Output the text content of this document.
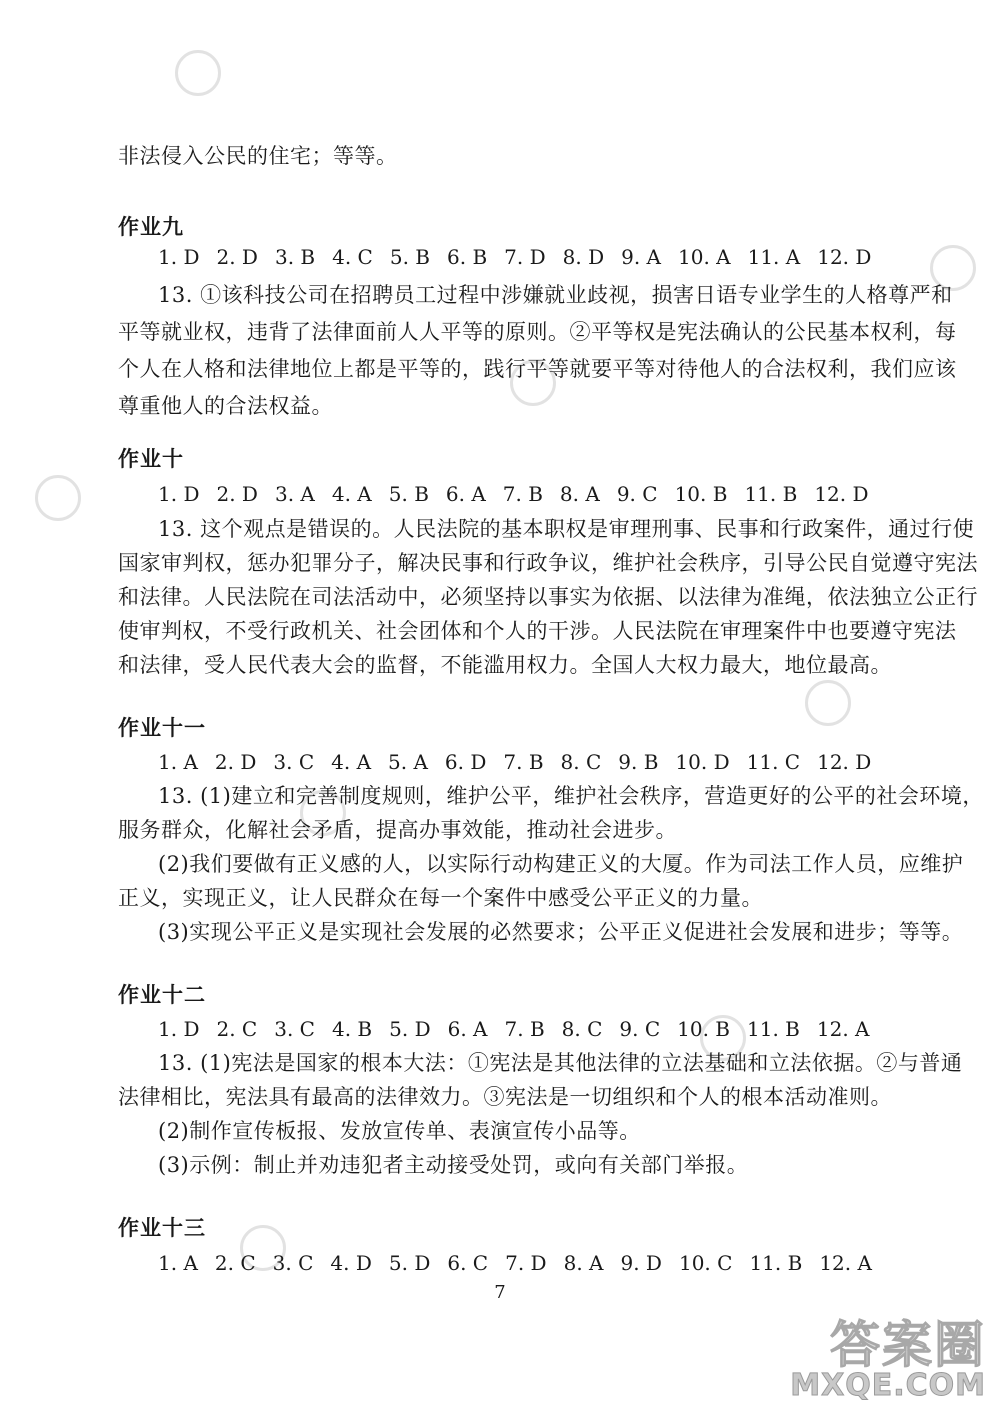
非法侵入公民的住宅；等等。
作业九
1. D 2. D 3. B 4. C 5. B 6. B 7. D 8. D 9. A 10. A 11. A 12. D
13. ①该科技公司在招聘员工过程中涉嫌就业歧视，损害日语专业学生的人格尊严和
平等就业权，违背了法律面前人人平等的原则。②平等权是宪法确认的公民基本权利，每
个人在人格和法律地位上都是平等的，践行平等就要平等对待他人的合法权利，我们应该
尊重他人的合法权益。
作业十
1. D 2. D 3. A 4. A 5. B 6. A 7. B 8. A 9. C 10. B 11. B 12. D
13. 这个观点是错误的。人民法院的基本职权是审理刑事、民事和行政案件，通过行使
国家审判权，惩办犯罪分子，解决民事和行政争议，维护社会秩序，引导公民自觉遵守宪法
和法律。人民法院在司法活动中，必须坚持以事实为依据、以法律为准绳，依法独立公正行
使审判权，不受行政机关、社会团体和个人的干涉。人民法院在审理案件中也要遵守宪法
和法律，受人民代表大会的监督，不能滥用权力。全国人大权力最大，地位最高。
作业十一
1. A 2. D 3. C 4. A 5. A 6. D 7. B 8. C 9. B 10. D 11. C 12. D
13. (1)建立和完善制度规则，维护公平，维护社会秩序，营造更好的公平的社会环境，
服务群众，化解社会矛盾，提高办事效能，推动社会进步。
(2)我们要做有正义感的人，以实际行动构建正义的大厦。作为司法工作人员，应维护
正义，实现正义，让人民群众在每一个案件中感受公平正义的力量。
(3)实现公平正义是实现社会发展的必然要求；公平正义促进社会发展和进步；等等。
作业十二
1. D 2. C 3. C 4. B 5. D 6. A 7. B 8. C 9. C 10. B 11. B 12. A
13. (1)宪法是国家的根本大法：①宪法是其他法律的立法基础和立法依据。②与普通
法律相比，宪法具有最高的法律效力。③宪法是一切组织和个人的根本活动准则。
(2)制作宣传板报、发放宣传单、表演宣传小品等。
(3)示例：制止并劝违犯者主动接受处罚，或向有关部门举报。
作业十三
1. A 2. C 3. C 4. D 5. D 6. C 7. D 8. A 9. D 10. C 11. B 12. A
7
答案圈
MXQE.COM
